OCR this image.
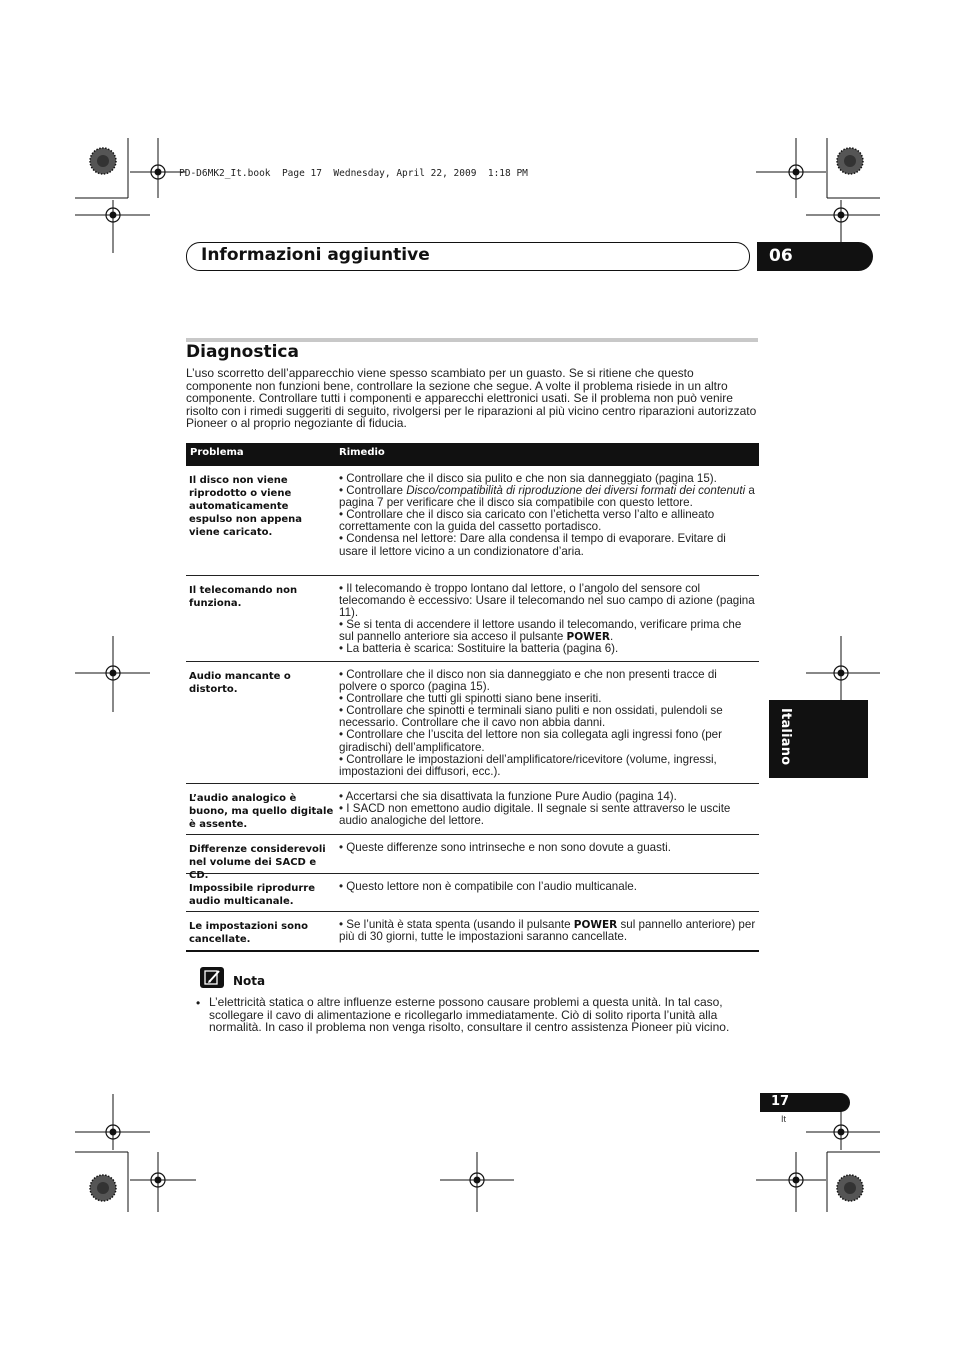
PD-D6MK2_It.book  Page 17  Wednesday, April 22, 2009  1:18 PM
Informazioni aggiuntive	06
Diagnostica
L’uso scorretto dell’apparecchio viene spesso scambiato per un guasto. Se si ritiene che questo componente non funzioni bene, controllare la sezione che segue. A volte il problema risiede in un altro componente. Controllare tutti i componenti e apparecchi elettronici usati. Se il problema non può venire risolto con i rimedi suggeriti di seguito, rivolgersi per le riparazioni al più vicino centro riparazioni autorizzato Pioneer o al proprio negoziante di fiducia.
Problema	Rimedio
Il disco non viene riprodotto o viene automaticamente espulso non appena viene caricato.

• Controllare che il disco sia pulito e che non sia danneggiato (pagina 15).

• Controllare Disco/compatibilità di riproduzione dei diversi formati dei contenuti a pagina 7 per verificare che il disco sia compatibile con questo lettore.

• Controllare che il disco sia caricato con l’etichetta verso l’alto e allineato correttamente con la guida del cassetto portadisco.

• Condensa nel lettore: Dare alla condensa il tempo di evaporare. Evitare di usare il lettore vicino a un condizionatore d’aria.

Il telecomando non funziona.

• Il telecomando è troppo lontano dal lettore, o l’angolo del sensore col telecomando è eccessivo: Usare il telecomando nel suo campo di azione (pagina 11).

• Se si tenta di accendere il lettore usando il telecomando, verificare prima che sul pannello anteriore sia acceso il pulsante POWER.

• La batteria è scarica: Sostituire la batteria (pagina 6).

Audio mancante o distorto.

• Controllare che il disco non sia danneggiato e che non presenti tracce di polvere o sporco (pagina 15).

• Controllare che tutti gli spinotti siano bene inseriti.

• Controllare che spinotti e terminali siano puliti e non ossidati, pulendoli se necessario. Controllare che il cavo non abbia danni.

• Controllare che l’uscita del lettore non sia collegata agli ingressi fono (per giradischi) dell’amplificatore.

• Controllare le impostazioni dell’amplificatore/ricevitore (volume, ingressi, impostazioni dei diffusori, ecc.).

L’audio analogico è buono, ma quello digitale è assente.

• Accertarsi che sia disattivata la funzione Pure Audio (pagina 14).

• I SACD non emettono audio digitale. Il segnale si sente attraverso le uscite audio analogiche del lettore.

Differenze considerevoli nel volume dei SACD e CD.

• Queste differenze sono intrinseche e non sono dovute a guasti.

Impossibile riprodurre audio multicanale.

• Questo lettore non è compatibile con l’audio multicanale.

Le impostazioni sono cancellate.

• Se l’unità è stata spenta (usando il pulsante POWER sul pannello anteriore) per più di 30 giorni, tutte le impostazioni saranno cancellate.

Italiano
Nota
• L’elettricità statica o altre influenze esterne possono causare problemi a questa unità. In tal caso, scollegare il cavo di alimentazione e ricollegarlo immediatamente. Ciò di solito riporta l’unità alla normalità. In caso il problema non venga risolto, consultare il centro assistenza Pioneer più vicino.
17
It
